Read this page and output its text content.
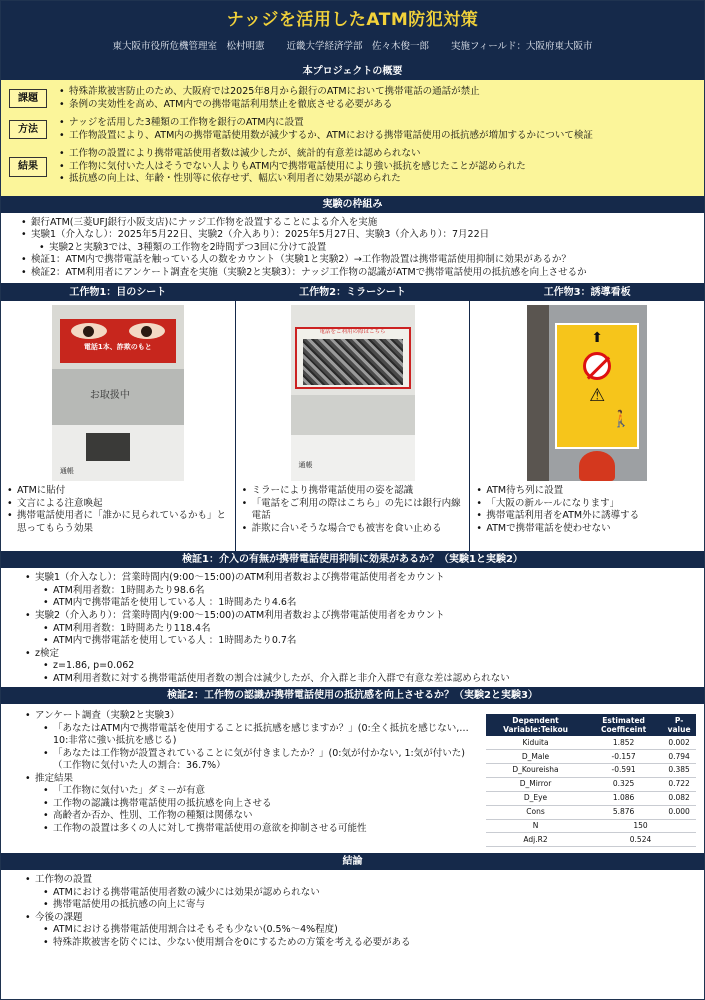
ナッジを活用したATM防犯対策
東大阪市役所危機管理室　松村明憲 近畿大学経済学部　佐々木俊一郎 実施フィールド：大阪府東大阪市
本プロジェクトの概要
課題
• 特殊詐欺被害防止のため、大阪府では2025年8月から銀行のATMにおいて携帯電話の通話が禁止
• 条例の実効性を高め、ATM内での携帯電話利用禁止を徹底させる必要がある
方法
• ナッジを活用した3種類の工作物を銀行のATM内に設置
• 工作物設置により、ATM内の携帯電話使用数が減少するか、ATMにおける携帯電話使用の抵抗感が増加するかについて検証
結果
• 工作物の設置により携帯電話使用者数は減少したが、統計的有意差は認められない
• 工作物に気付いた人はそうでない人よりもATM内で携帯電話使用により強い抵抗を感じたことが認められた
• 抵抗感の向上は、年齢・性別等に依存せず、幅広い利用者に効果が認められた
実験の枠組み
• 銀行ATM(三菱UFJ銀行小阪支店)にナッジ工作物を設置することによる介入を実施
• 実験1（介入なし）：2025年5月22日、実験2（介入あり）：2025年5月27日、実験3（介入あり）：7月22日
• 実験2と実験3では、3種類の工作物を2時間ずつ3回に分けて設置
• 検証1：ATM内で携帯電話を触っている人の数をカウント（実験1と実験2）→工作物設置は携帯電話使用抑制に効果があるか？
• 検証2：ATM利用者にアンケート調査を実施（実験2と実験3）：ナッジ工作物の認識がATMで携帯電話使用の抵抗感を向上させるか
工作物1：目のシート
電話1本、詐欺のもと
お取扱中
通帳
• ATMに貼付
• 文言による注意喚起
• 携帯電話使用者に「誰かに見られているかも」と思ってもらう効果
工作物2：ミラーシート
電話をご利用の際はこちら
通帳
• ミラーにより携帯電話使用の姿を認識
• 「電話をご利用の際はこちら」の先には銀行内線電話
• 詐欺に合いそうな場合でも被害を食い止める
工作物3：誘導看板
⬆
⚠
🚶
• ATM待ち列に設置
• 「大阪の新ルールになります」
• 携帯電話利用者をATM外に誘導する
• ATMで携帯電話を使わせない
検証1：介入の有無が携帯電話使用抑制に効果があるか？（実験1と実験2）
• 実験1（介入なし）：営業時間内(9:00～15:00)のATM利用者数および携帯電話使用者をカウント
• ATM利用者数：1時間あたり98.6名
• ATM内で携帯電話を使用している人 ：1時間あたり4.6名
• 実験2（介入あり）：営業時間内(9:00～15:00)のATM利用者数および携帯電話使用者をカウント
• ATM利用者数：1時間あたり118.4名
• ATM内で携帯電話を使用している人 ：1時間あたり0.7名
• z検定
• z=1.86, p=0.062
• ATM利用者数に対する携帯電話使用者数の割合は減少したが、介入群と非介入群で有意な差は認められない
検証2：工作物の認識が携帯電話使用の抵抗感を向上させるか？（実験2と実験3）
• アンケート調査（実験2と実験3）
• 「あなたはATM内で携帯電話を使用することに抵抗感を感じますか？」(0:全く抵抗を感じない,…10:非常に強い抵抗を感じる)
• 「あなたは工作物が設置されていることに気が付きましたか？」(0:気が付かない, 1:気が付いた)（工作物に気付いた人の割合：36.7%）
• 推定結果
• 「工作物に気付いた」ダミーが有意
• 工作物の認識は携帯電話使用の抵抗感を向上させる
• 高齢者か否か、性別、工作物の種類は関係ない
• 工作物の設置は多くの人に対して携帯電話使用の意欲を抑制させる可能性
Dependent Variable:Teikou	Estimated Coefficeint	P-value
Kiduita	1.852	0.002
D_Male	-0.157	0.794
D_Koureisha	-0.591	0.385
D_Mirror	0.325	0.722
D_Eye	1.086	0.082
Cons	5.876	0.000
N	150	
Adj.R2	0.524	
結論
• 工作物の設置
• ATMにおける携帯電話使用者数の減少には効果が認められない
• 携帯電話使用の抵抗感の向上に寄与
• 今後の課題
• ATMにおける携帯電話使用割合はそもそも少ない(0.5%～4%程度)
• 特殊詐欺被害を防ぐには、少ない使用割合を0にするための方策を考える必要がある
